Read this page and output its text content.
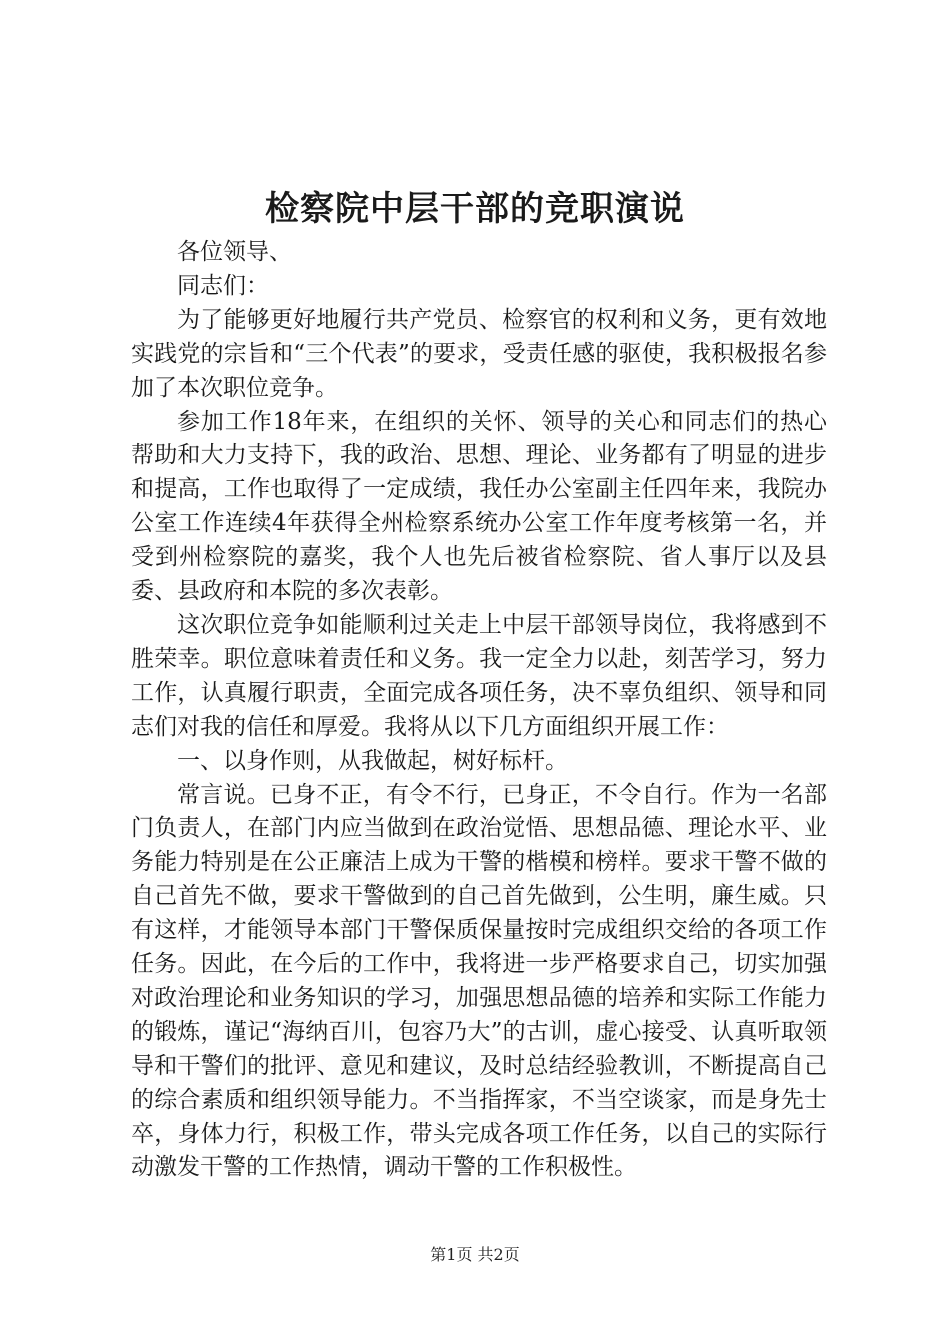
检察院中层干部的竞职演说

各位领导、

同志们：

为了能够更好地履行共产党员、检察官的权利和义务，更有效地实践党的宗旨和“三个代表”的要求，受责任感的驱使，我积极报名参加了本次职位竞争。

参加工作18年来，在组织的关怀、领导的关心和同志们的热心帮助和大力支持下，我的政治、思想、理论、业务都有了明显的进步和提高，工作也取得了一定成绩，我任办公室副主任四年来，我院办公室工作连续4年获得全州检察系统办公室工作年度考核第一名，并受到州检察院的嘉奖，我个人也先后被省检察院、省人事厅以及县委、县政府和本院的多次表彰。

这次职位竞争如能顺利过关走上中层干部领导岗位，我将感到不胜荣幸。职位意味着责任和义务。我一定全力以赴，刻苦学习，努力工作，认真履行职责，全面完成各项任务，决不辜负组织、领导和同志们对我的信任和厚爱。我将从以下几方面组织开展工作：

一、以身作则，从我做起，树好标杆。

常言说。已身不正，有令不行，已身正，不令自行。作为一名部门负责人，在部门内应当做到在政治觉悟、思想品德、理论水平、业务能力特别是在公正廉洁上成为干警的楷模和榜样。要求干警不做的自己首先不做，要求干警做到的自己首先做到，公生明，廉生威。只有这样，才能领导本部门干警保质保量按时完成组织交给的各项工作任务。因此，在今后的工作中，我将进一步严格要求自己，切实加强对政治理论和业务知识的学习，加强思想品德的培养和实际工作能力的锻炼，谨记“海纳百川，包容乃大”的古训，虚心接受、认真听取领导和干警们的批评、意见和建议，及时总结经验教训，不断提高自己的综合素质和组织领导能力。不当指挥家，不当空谈家，而是身先士卒，身体力行，积极工作，带头完成各项工作任务，以自己的实际行动激发干警的工作热情，调动干警的工作积极性。

第1页 共2页
